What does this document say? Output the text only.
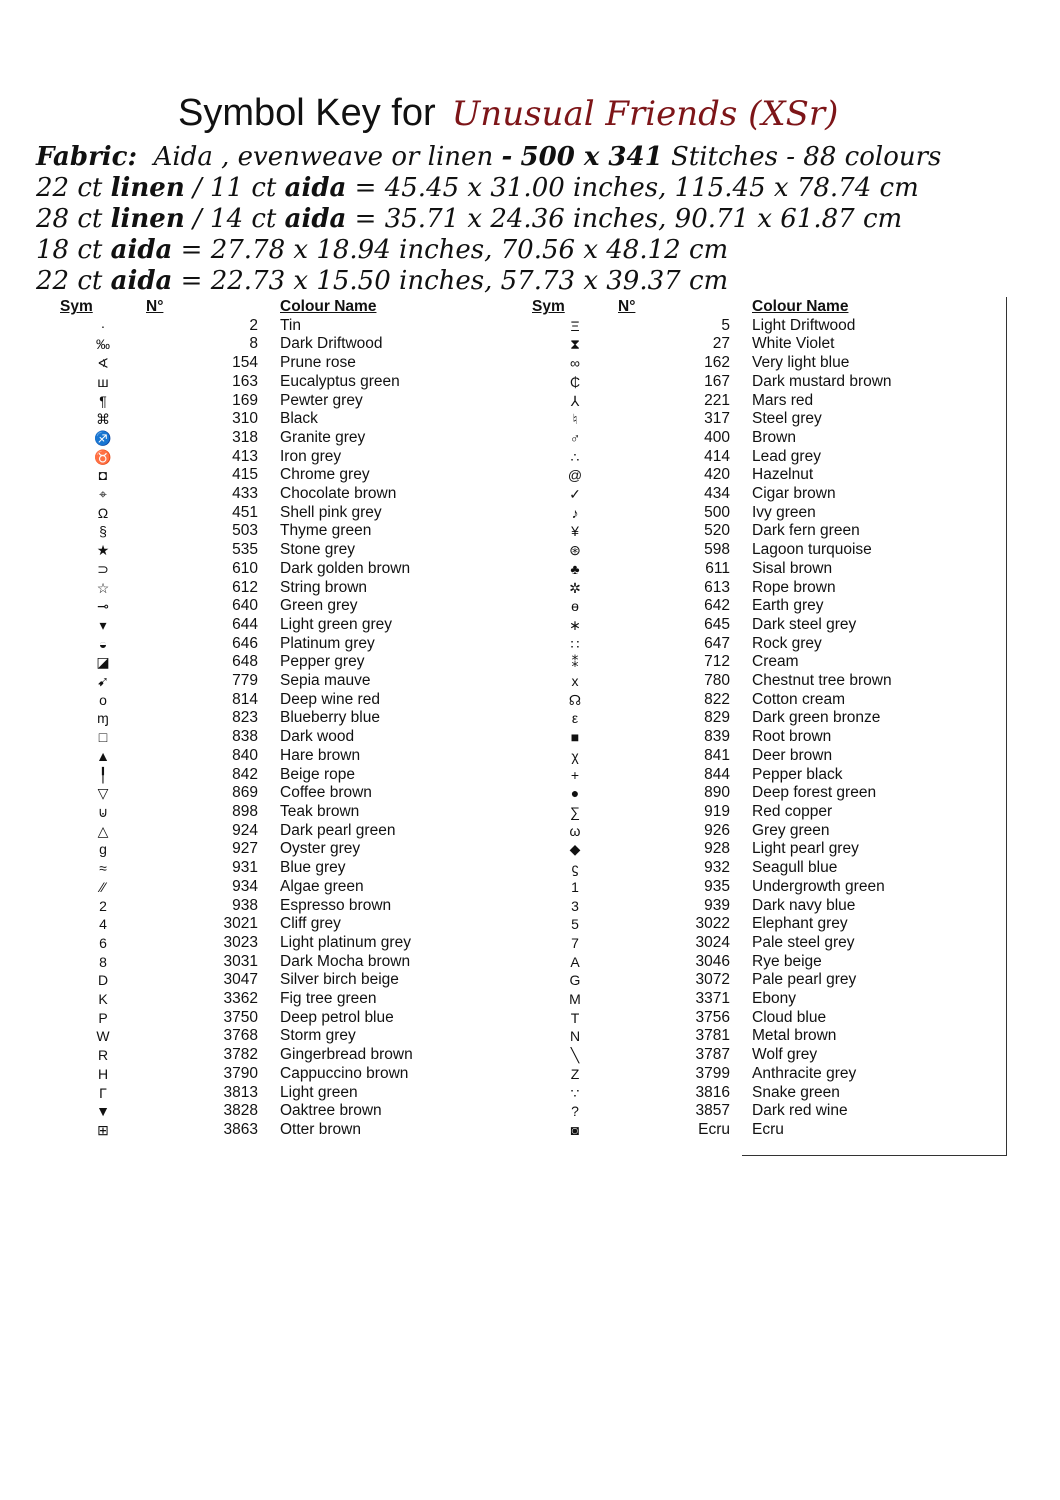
Symbol Key for Unusual Friends (XSr)
Fabric: Aida , evenweave or linen - 500 x 341 Stitches - 88 colours
22 ct linen / 11 ct aida = 45.45 x 31.00 inches, 115.45 x 78.74 cm
28 ct linen / 14 ct aida = 35.71 x 24.36 inches, 90.71 x 61.87 cm
18 ct aida = 27.78 x 18.94 inches, 70.56 x 48.12 cm
22 ct aida = 22.73 x 15.50 inches, 57.73 x 39.37 cm
Sym	N°		Colour Name
·	2		Tin
‰	8		Dark Driftwood
∢	154		Prune rose
ш	163		Eucalyptus green
¶	169		Pewter grey
⌘	310		Black
♐	318		Granite grey
♉	413		Iron grey
◘	415		Chrome grey
⌖	433		Chocolate brown
Ω	451		Shell pink grey
§	503		Thyme green
★	535		Stone grey
⊃	610		Dark golden brown
☆	612		String brown
⊸	640		Green grey
▾	644		Light green grey
◒	646		Platinum grey
◪	648		Pepper grey
➹	779		Sepia mauve
o	814		Deep wine red
ɱ	823		Blueberry blue
□	838		Dark wood
▲	840		Hare brown
╿	842		Beige rope
▽	869		Coffee brown
⊍	898		Teak brown
△	924		Dark pearl green
g	927		Oyster grey
≈	931		Blue grey
⁄⁄	934		Algae green
2	938		Espresso brown
4	3021		Cliff grey
6	3023		Light platinum grey
8	3031		Dark Mocha brown
D	3047		Silver birch beige
K	3362		Fig tree green
P	3750		Deep petrol blue
W	3768		Storm grey
R	3782		Gingerbread brown
H	3790		Cappuccino brown
Γ	3813		Light green
▼	3828		Oaktree brown
⊞	3863		Otter brown
Sym	N°		Colour Name
Ξ	5		Light Driftwood
⧗	27		White Violet
∞	162		Very light blue
₵	167		Dark mustard brown
⅄	221		Mars red
♮	317		Steel grey
♂	400		Brown
∴	414		Lead grey
@	420		Hazelnut
✓	434		Cigar brown
♪	500		Ivy green
¥	520		Dark fern green
⊛	598		Lagoon turquoise
♣	611		Sisal brown
✲	613		Rope brown
ɵ	642		Earth grey
∗	645		Dark steel grey
∷	647		Rock grey
⁑	712		Cream
x	780		Chestnut tree brown
☊	822		Cotton cream
ε	829		Dark green bronze
■	839		Root brown
χ	841		Deer brown
+	844		Pepper black
●	890		Deep forest green
∑	919		Red copper
ω	926		Grey green
◆	928		Light pearl grey
ϛ	932		Seagull blue
1	935		Undergrowth green
3	939		Dark navy blue
5	3022		Elephant grey
7	3024		Pale steel grey
A	3046		Rye beige
G	3072		Pale pearl grey
M	3371		Ebony
T	3756		Cloud blue
N	3781		Metal brown
╲	3787		Wolf grey
Z	3799		Anthracite grey
∵	3816		Snake green
?	3857		Dark red wine
◙	Ecru		Ecru
